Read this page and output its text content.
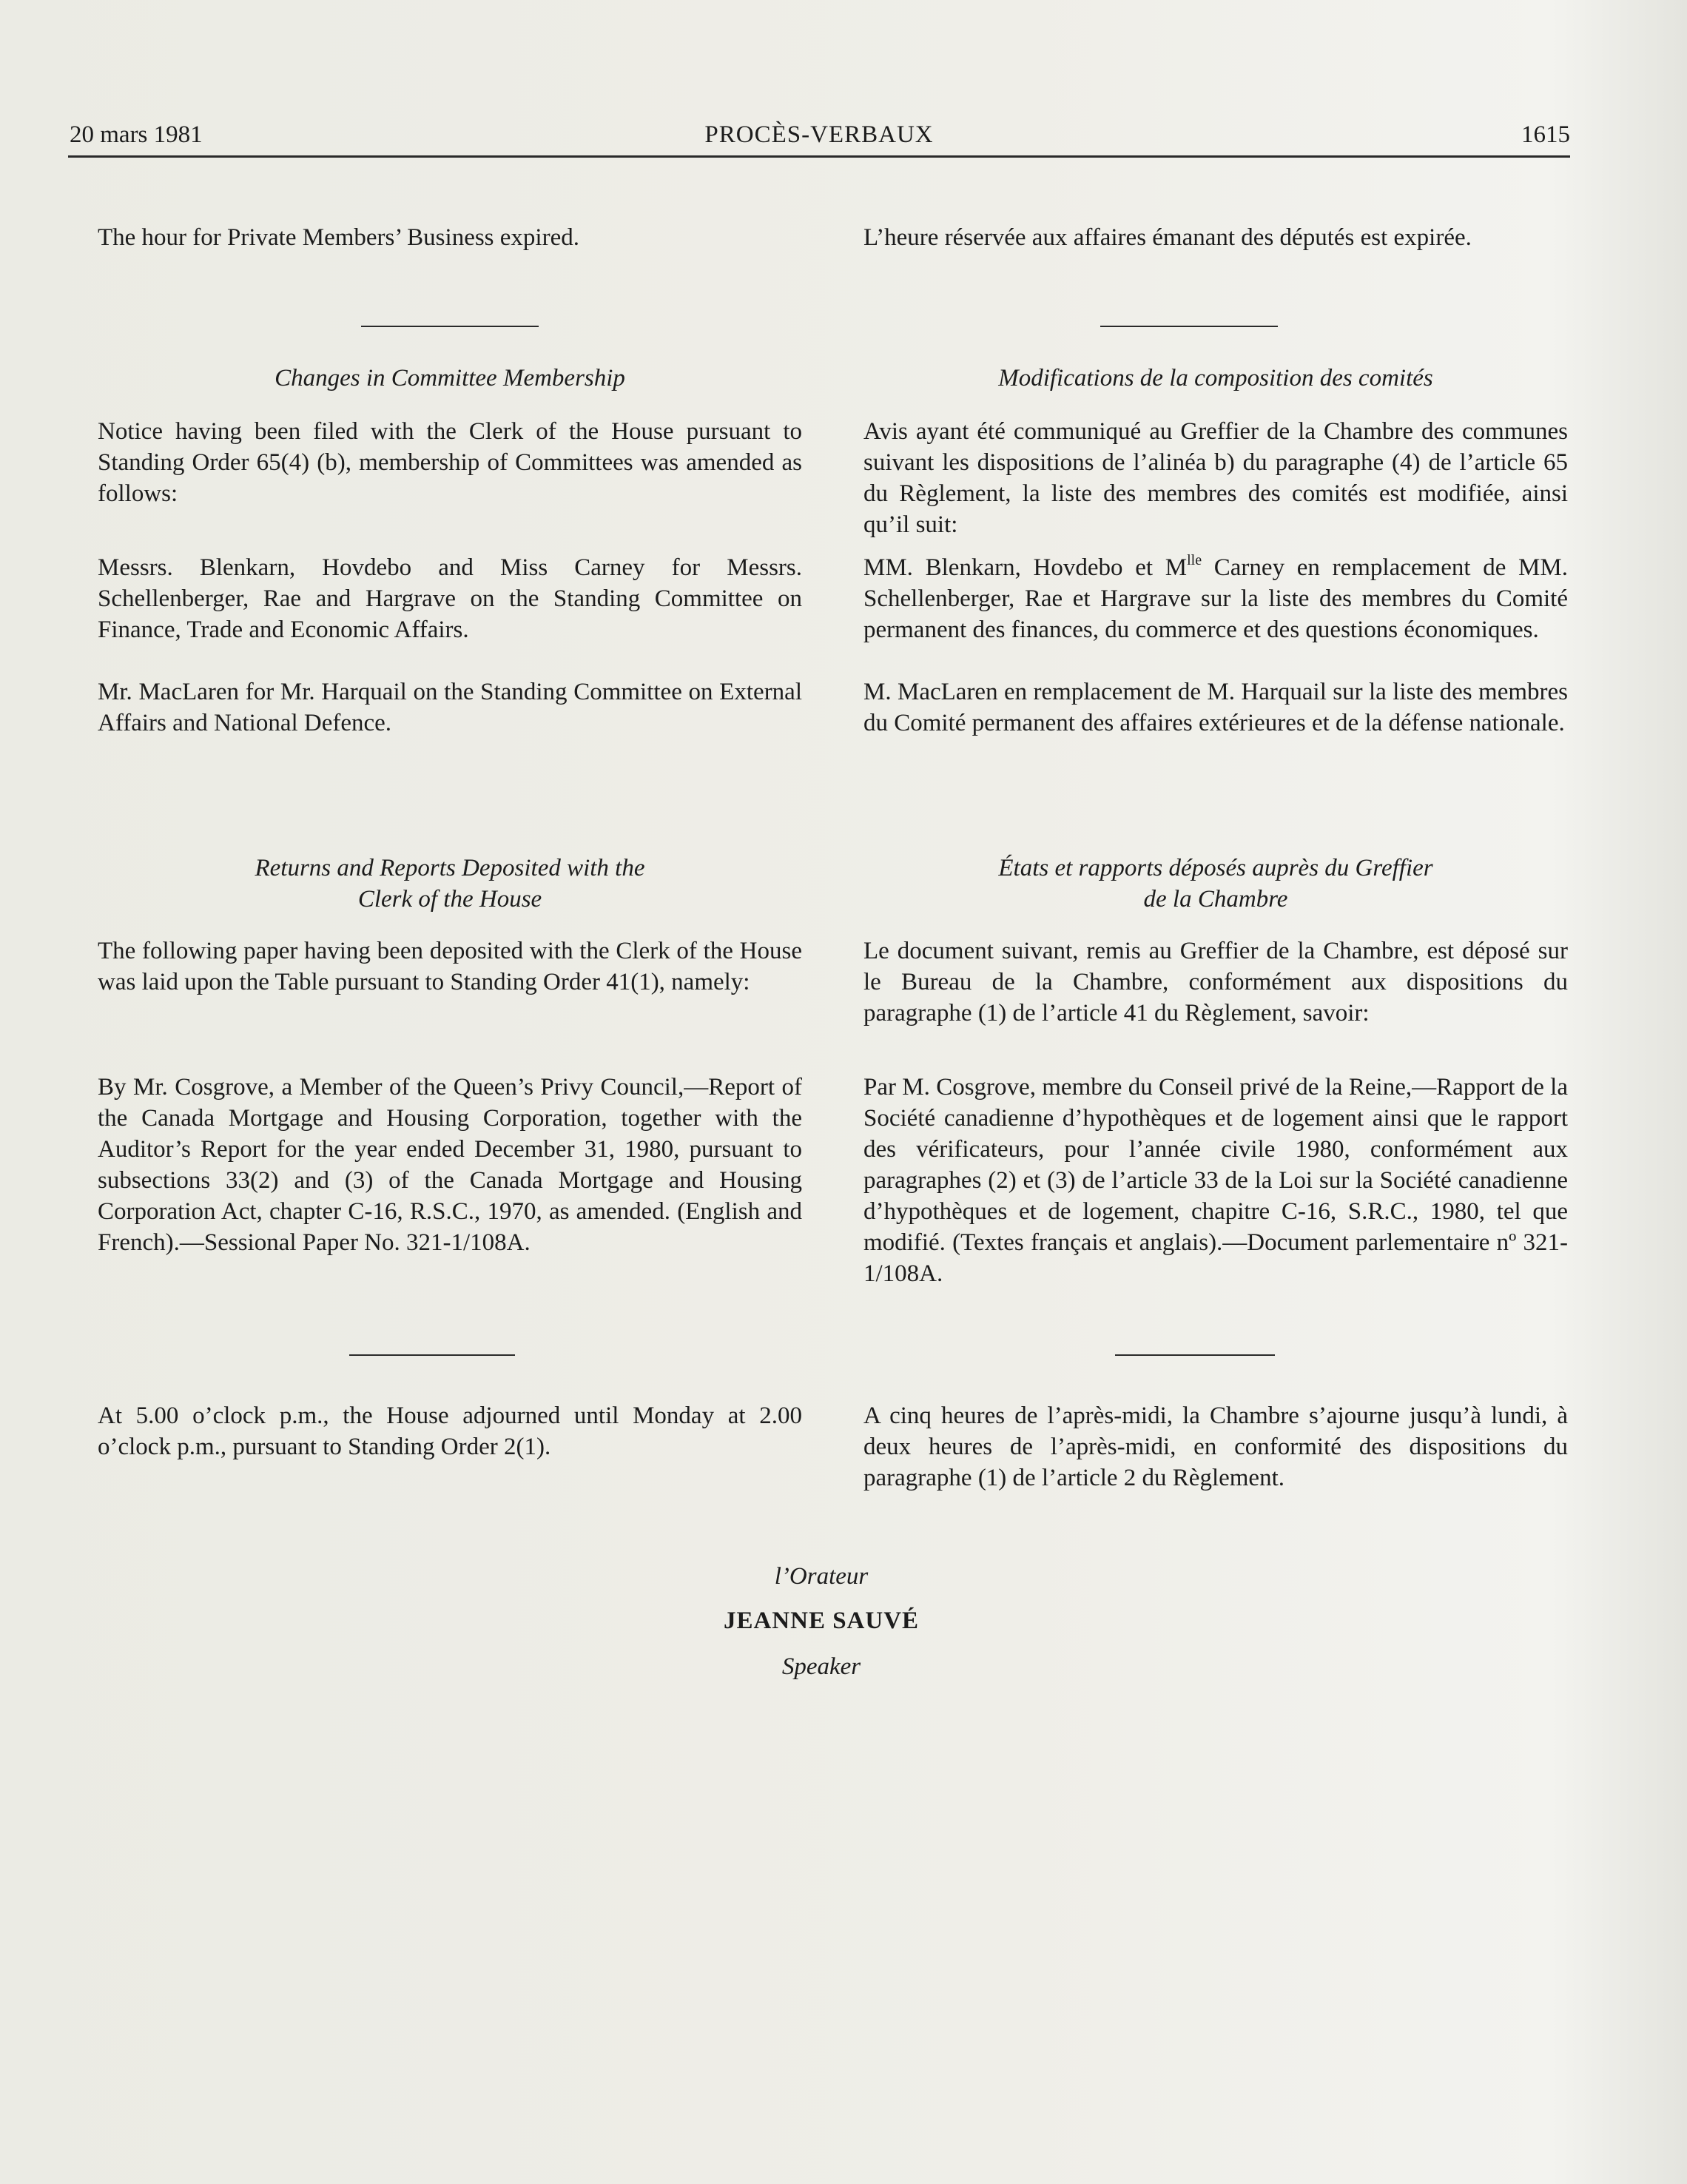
20 mars 1981	PROCÈS-VERBAUX	1615

The hour for Private Members’ Business expired.

Changes in Committee Membership

Notice having been filed with the Clerk of the House pursuant to Standing Order 65(4) (b), membership of Committees was amended as follows:

Messrs. Blenkarn, Hovdebo and Miss Carney for Messrs. Schellenberger, Rae and Hargrave on the Standing Committee on Finance, Trade and Economic Affairs.

Mr. MacLaren for Mr. Harquail on the Standing Committee on External Affairs and National Defence.

Returns and Reports Deposited with the

Clerk of the House

The following paper having been deposited with the Clerk of the House was laid upon the Table pursuant to Standing Order 41(1), namely:

By Mr. Cosgrove, a Member of the Queen’s Privy Council,—Report of the Canada Mortgage and Housing Corporation, together with the Auditor’s Report for the year ended December 31, 1980, pursuant to subsections 33(2) and (3) of the Canada Mortgage and Housing Corporation Act, chapter C-16, R.S.C., 1970, as amended. (English and French).—Sessional Paper No. 321-1/108A.

At 5.00 o’clock p.m., the House adjourned until Monday at 2.00 o’clock p.m., pursuant to Standing Order 2(1).

L’heure réservée aux affaires émanant des députés est expirée.

Modifications de la composition des comités

Avis ayant été communiqué au Greffier de la Chambre des communes suivant les dispositions de l’alinéa b) du paragraphe (4) de l’article 65 du Règlement, la liste des membres des comités est modifiée, ainsi qu’il suit:

MM. Blenkarn, Hovdebo et $M^{lle}$ Carney en remplacement de MM. Schellenberger, Rae et Hargrave sur la liste des membres du Comité permanent des finances, du commerce et des questions économiques.

M. MacLaren en remplacement de M. Harquail sur la liste des membres du Comité permanent des affaires extérieures et de la défense nationale.

États et rapports déposés auprès du Greffier

de la Chambre

Le document suivant, remis au Greffier de la Chambre, est déposé sur le Bureau de la Chambre, conformément aux dispositions du paragraphe (1) de l’article 41 du Règlement, savoir:

Par M. Cosgrove, membre du Conseil privé de la Reine,—Rapport de la Société canadienne d’hypothèques et de logement ainsi que le rapport des vérificateurs, pour l’année civile 1980, conformément aux paragraphes (2) et (3) de l’article 33 de la Loi sur la Société canadienne d’hypothèques et de logement, chapitre C-16, S.R.C., 1980, tel que modifié. (Textes français et anglais).—Document parlementaire nº 321-1/108A.

A cinq heures de l’après-midi, la Chambre s’ajourne jusqu’à lundi, à deux heures de l’après-midi, en conformité des dispositions du paragraphe (1) de l’article 2 du Règlement.

l’Orateur
JEANNE SAUVÉ
Speaker
